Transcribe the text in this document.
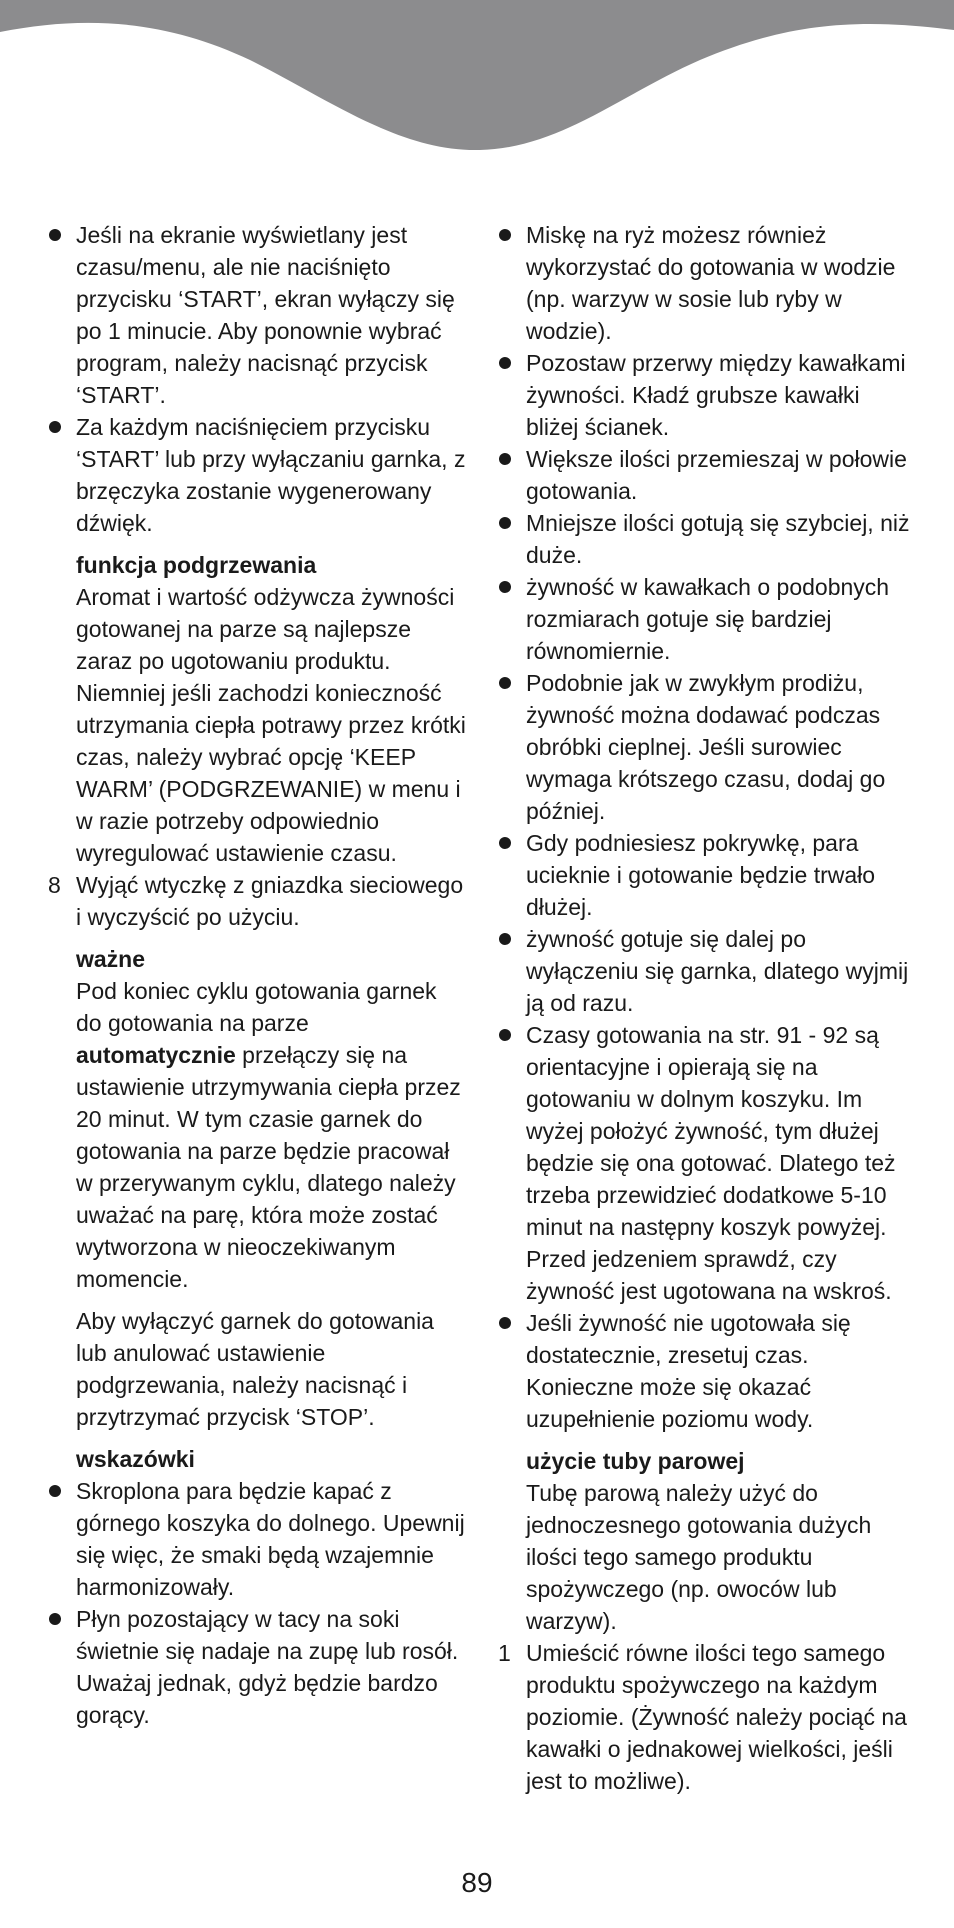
Jeśli na ekranie wyświetlany jest czasu/menu, ale nie naciśnięto przycisku ‘START’, ekran wyłączy się po 1 minucie. Aby ponownie wybrać program, należy nacisnąć przycisk ‘START’.
Za każdym naciśnięciem przycisku ‘START’ lub przy wyłączaniu garnka, z brzęczyka zostanie wygenerowany dźwięk.
funkcja podgrzewania
Aromat i wartość odżywcza żywności gotowanej na parze są najlepsze zaraz po ugotowaniu produktu. Niemniej jeśli zachodzi konieczność utrzymania ciepła potrawy przez krótki czas, należy wybrać opcję ‘KEEP WARM’ (PODGRZEWANIE) w menu i w razie potrzeby odpowiednio wyregulować ustawienie czasu.
8 Wyjąć wtyczkę z gniazdka sieciowego i wyczyścić po użyciu.
ważne
Pod koniec cyklu gotowania garnek do gotowania na parze automatycznie przełączy się na ustawienie utrzymywania ciepła przez 20 minut. W tym czasie garnek do gotowania na parze będzie pracował w przerywanym cyklu, dlatego należy uważać na parę, która może zostać wytworzona w nieoczekiwanym momencie.
Aby wyłączyć garnek do gotowania lub anulować ustawienie podgrzewania, należy nacisnąć i przytrzymać przycisk ‘STOP’.
wskazówki
Skroplona para będzie kapać z górnego koszyka do dolnego. Upewnij się więc, że smaki będą wzajemnie harmonizowały.
Płyn pozostający w tacy na soki świetnie się nadaje na zupę lub rosół. Uważaj jednak, gdyż będzie bardzo gorący.
Miskę na ryż możesz również wykorzystać do gotowania w wodzie (np. warzyw w sosie lub ryby w wodzie).
Pozostaw przerwy między kawałkami żywności. Kładź grubsze kawałki bliżej ścianek.
Większe ilości przemieszaj w połowie gotowania.
Mniejsze ilości gotują się szybciej, niż duże.
żywność w kawałkach o podobnych rozmiarach gotuje się bardziej równomiernie.
Podobnie jak w zwykłym prodiżu, żywność można dodawać podczas obróbki cieplnej. Jeśli surowiec wymaga krótszego czasu, dodaj go później.
Gdy podniesiesz pokrywkę, para ucieknie i gotowanie będzie trwało dłużej.
żywność gotuje się dalej po wyłączeniu się garnka, dlatego wyjmij ją od razu.
Czasy gotowania na str. 91 - 92 są orientacyjne i opierają się na gotowaniu w dolnym koszyku. Im wyżej położyć żywność, tym dłużej będzie się ona gotować. Dlatego też trzeba przewidzieć dodatkowe 5-10 minut na następny koszyk powyżej. Przed jedzeniem sprawdź, czy żywność jest ugotowana na wskroś.
Jeśli żywność nie ugotowała się dostatecznie, zresetuj czas. Konieczne może się okazać uzupełnienie poziomu wody.
użycie tuby parowej
Tubę parową należy użyć do jednoczesnego gotowania dużych ilości tego samego produktu spożywczego (np. owoców lub warzyw).
1 Umieścić równe ilości tego samego produktu spożywczego na każdym poziomie. (Żywność należy pociąć na kawałki o jednakowej wielkości, jeśli jest to możliwe).
89
